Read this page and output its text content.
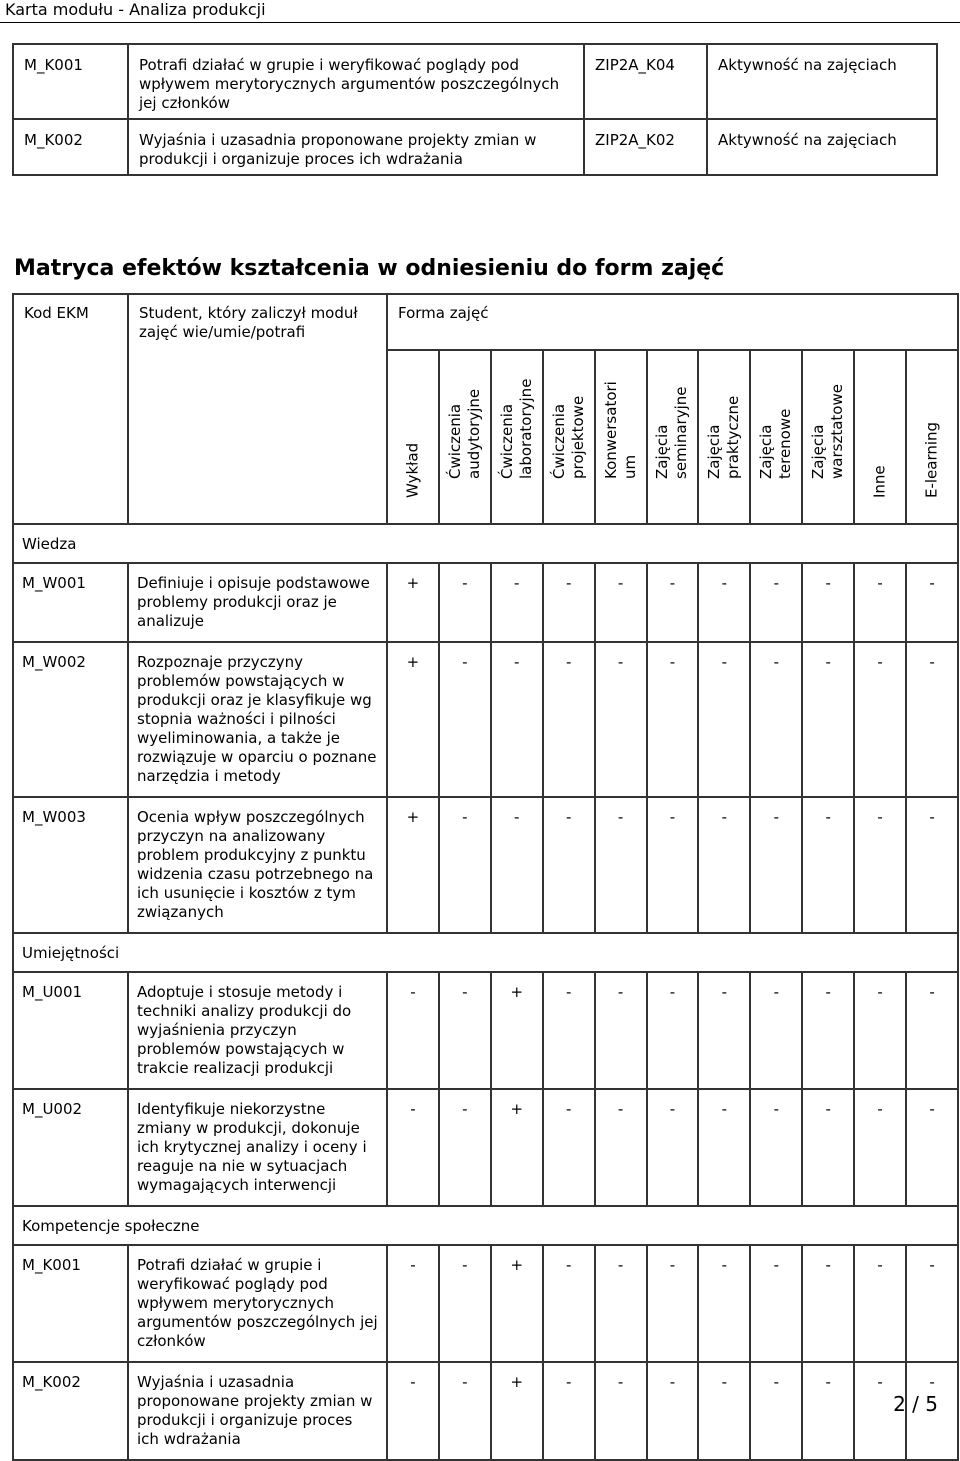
Karta modułu - Analiza produkcji
M_K001	Potrafi działać w grupie i weryfikować poglądy pod wpływem merytorycznych argumentów poszczególnych jej członków	ZIP2A_K04	Aktywność na zajęciach
M_K002	Wyjaśnia i uzasadnia proponowane projekty zmian w produkcji i organizuje proces ich wdrażania	ZIP2A_K02	Aktywność na zajęciach
Matryca efektów kształcenia w odniesieniu do form zajęć
Kod EKM	Student, który zaliczył moduł zajęć wie/umie/potrafi	Forma zajęć										

		Wykład	Ćwiczenia audytoryjne	Ćwiczenia laboratoryjne	Ćwiczenia projektowe	Konwersatori um	Zajęcia seminaryjne	Zajęcia praktyczne	Zajęcia terenowe	Zajęcia warsztatowe	Inne	E-learning

Wiedza												
M_W001	Definiuje i opisuje podstawowe problemy produkcji oraz je analizuje	+	-	-	-	-	-	-	-	-	-	-
M_W002	Rozpoznaje przyczyny problemów powstających w produkcji oraz je klasyfikuje wg stopnia ważności i pilności wyeliminowania, a także je rozwiązuje w oparciu o poznane narzędzia i metody	+	-	-	-	-	-	-	-	-	-	-
M_W003	Ocenia wpływ poszczególnych przyczyn na analizowany problem produkcyjny z punktu widzenia czasu potrzebnego na ich usunięcie i kosztów z tym związanych	+	-	-	-	-	-	-	-	-	-	-
Umiejętności												
M_U001	Adoptuje i stosuje metody i techniki analizy produkcji do wyjaśnienia przyczyn problemów powstających w trakcie realizacji produkcji	-	-	+	-	-	-	-	-	-	-	-
M_U002	Identyfikuje niekorzystne zmiany w produkcji, dokonuje ich krytycznej analizy i oceny i reaguje na nie w sytuacjach wymagających interwencji	-	-	+	-	-	-	-	-	-	-	-
Kompetencje społeczne												
M_K001	Potrafi działać w grupie i weryfikować poglądy pod wpływem merytorycznych argumentów poszczególnych jej członków	-	-	+	-	-	-	-	-	-	-	-
M_K002	Wyjaśnia i uzasadnia proponowane projekty zmian w produkcji i organizuje proces ich wdrażania	-	-	+	-	-	-	-	-	-	-	-
2 / 5
